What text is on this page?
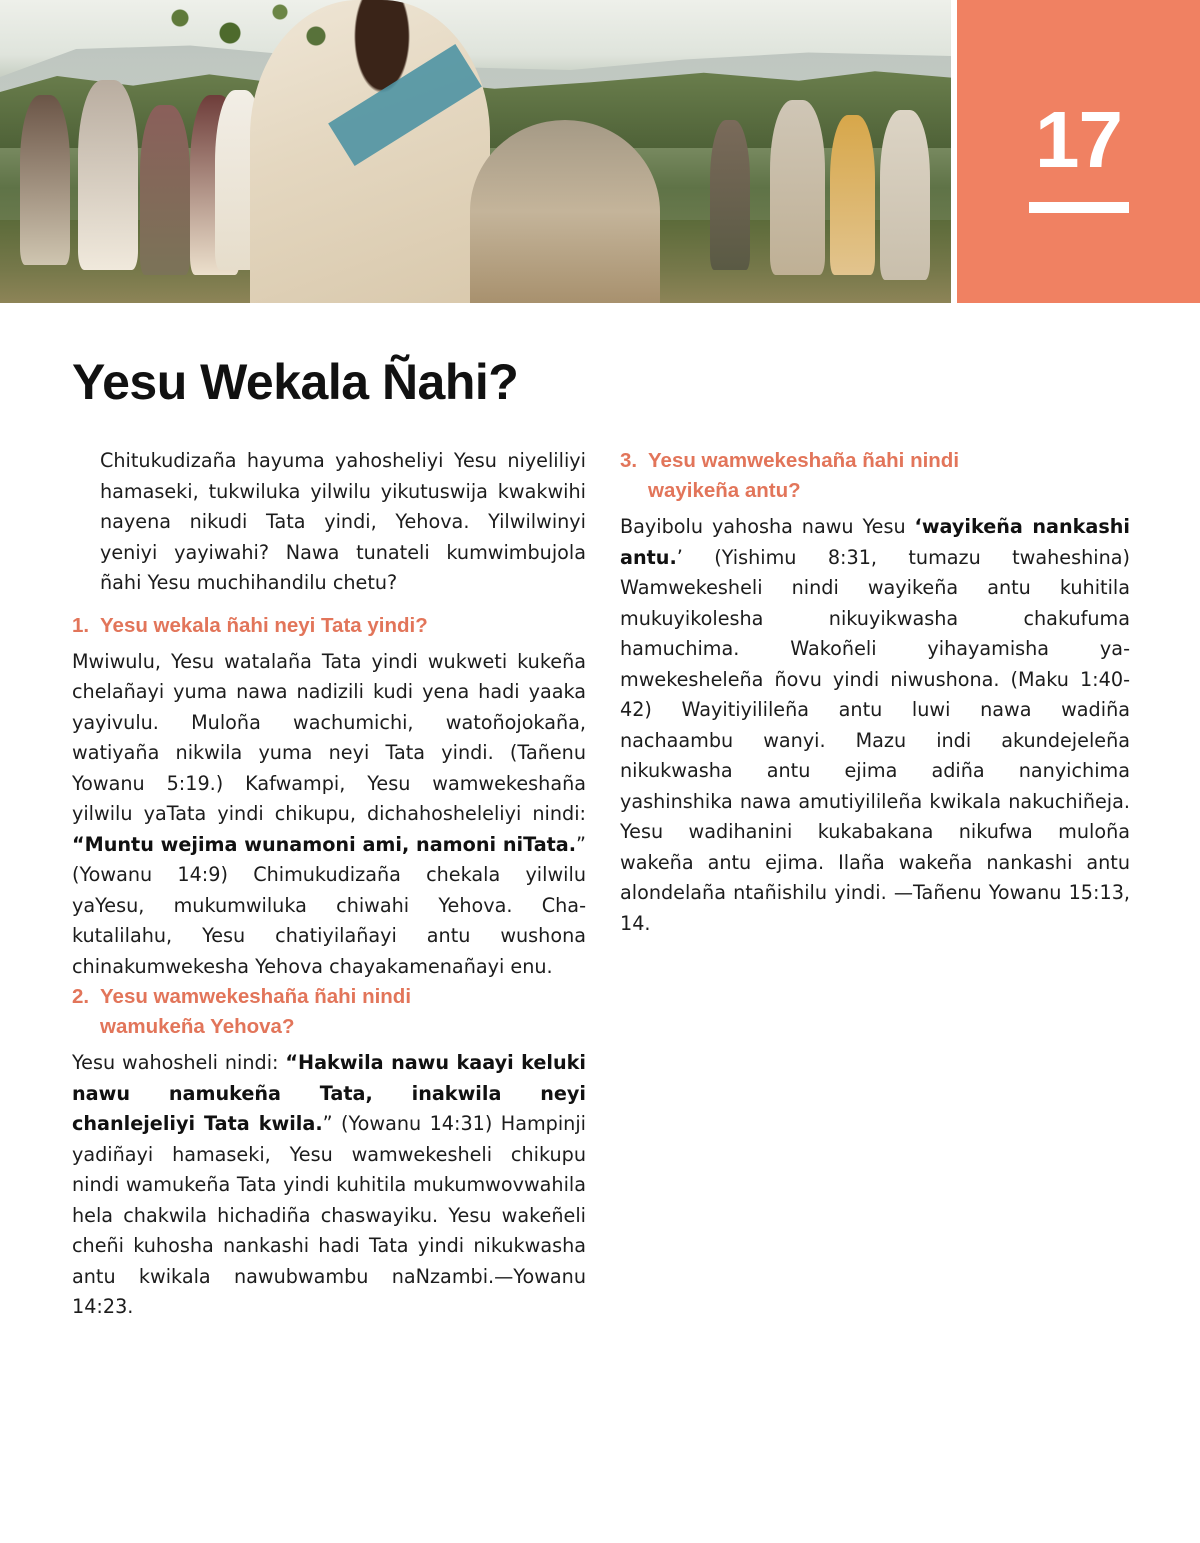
17
Yesu Wekala Ñahi?

Chitukudizaña hayuma yahosheliyi Yesu niyeliliyi hamaseki, tukwiluka yilwilu yikutuswija kwakwihi nayena nikudi Tata yindi, Yehova. Yilwilwinyi yeniyi yayiwahi? Nawa tunateli kumwimbujola ñahi Yesu muchihandilu chetu?

1. Yesu wekala ñahi neyi Tata yindi?

Mwiwulu, Yesu watalaña Tata yindi wukweti kukeña chelañayi yuma nawa nadizili kudi yena hadi yaaka yayivulu. Muloña wachumichi, watoñojokaña, watiyaña nikwila yuma neyi Tata yindi. (Tañenu Yowanu 5:19.) Kafwampi, Yesu wamwekeshaña yilwilu yaTata yindi chikupu, dichahosheleliyi nindi: “Muntu wejima wunamoni ami, namoni niTata.” (Yowanu 14:9) Chimukudizaña chekala yilwilu yaYesu, mukumwiluka chiwahi Yehova. Chakutalilahu, Yesu chatiyilañayi antu wushona chinakumwekesha Yehova chayakamenañayi enu.

2. Yesu wamwekeshaña ñahi nindi wamukeña Yehova?

Yesu wahosheli nindi: “Hakwila nawu kaayi keluki nawu namukeña Tata, inakwila neyi chanlejeliyi Tata kwila.” (Yowanu 14:31) Hampinji yadiñayi hamaseki, Yesu wamwekesheli chikupu nindi wamukeña Tata yindi kuhitila mukumwovwahila hela chakwila hichadiña chaswayiku. Yesu wakeñeli cheñi kuhosha nankashi hadi Tata yindi nikukwasha antu kwikala nawubwambu naNzambi.—Yowanu 14:23.

3. Yesu wamwekeshaña ñahi nindi wayikeña antu?

Bayibolu yahosha nawu Yesu ‘wayikeña nankashi antu.’ (Yishimu 8:31, tumazu twaheshina) Wamwekesheli nindi wayikeña antu kuhitila mukuyikolesha nikuyikwasha chakufuma hamuchima. Wakoñeli yihayamisha yamwekesheleña ñovu yindi niwushona. (Maku 1:40-42) Wayitiyilileña antu luwi nawa wadiña nachaambu wanyi. Mazu indi akundejeleña nikukwasha antu ejima adiña nanyichima yashinshika nawa amutiyilileña kwikala nakuchiñeja. Yesu wadihanini kukabakana nikufwa muloña wakeña antu ejima. Ilaña wakeña nankashi antu alondelaña ntañishilu yindi. —Tañenu Yowanu 15:13, 14.
